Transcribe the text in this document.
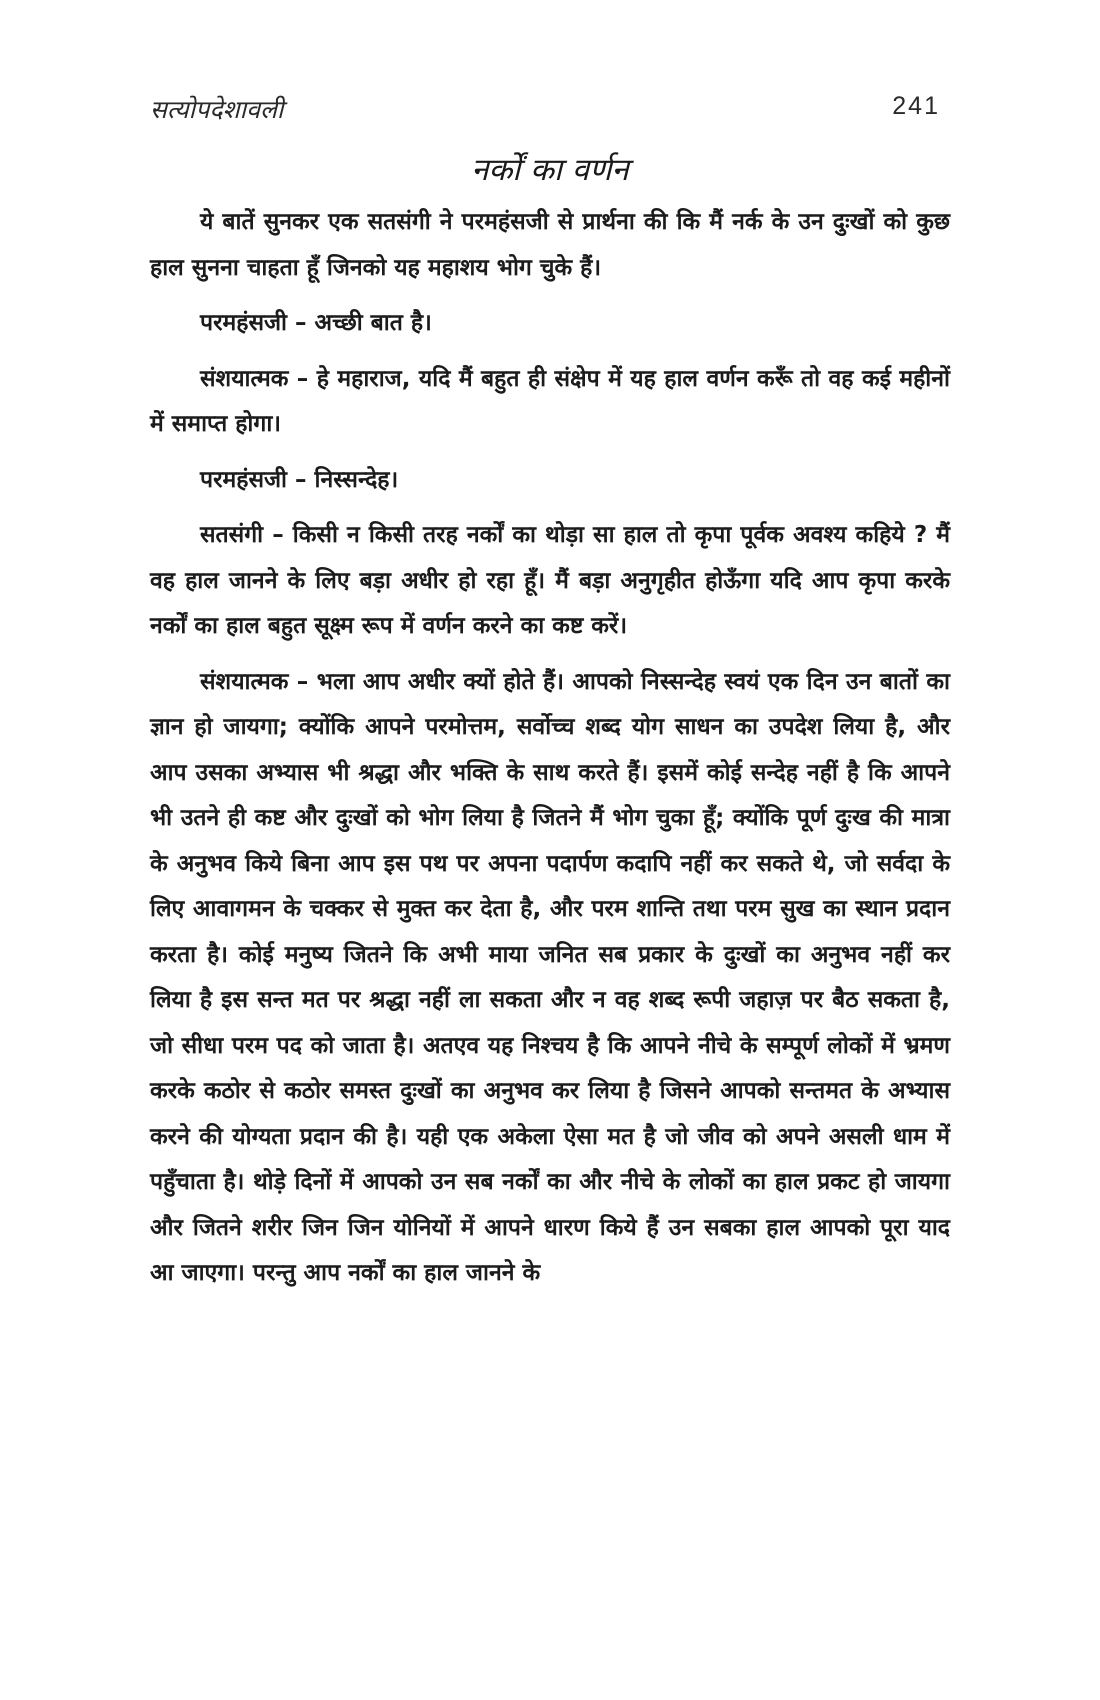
सत्योपदेशावली	241
नर्कों का वर्णन

ये बातें सुनकर एक सतसंगी ने परमहंसजी से प्रार्थना की कि मैं नर्क के उन दुःखों को कुछ हाल सुनना चाहता हूँ जिनको यह महाशय भोग चुके हैं।

परमहंसजी – अच्छी बात है।

संशयात्मक – हे महाराज, यदि मैं बहुत ही संक्षेप में यह हाल वर्णन करूँ तो वह कई महीनों में समाप्त होगा।

परमहंसजी – निस्सन्देह।

सतसंगी – किसी न किसी तरह नर्कों का थोड़ा सा हाल तो कृपा पूर्वक अवश्य कहिये ? मैं वह हाल जानने के लिए बड़ा अधीर हो रहा हूँ। मैं बड़ा अनुगृहीत होऊँगा यदि आप कृपा करके नर्कों का हाल बहुत सूक्ष्म रूप में वर्णन करने का कष्ट करें।

संशयात्मक – भला आप अधीर क्यों होते हैं। आपको निस्सन्देह स्वयं एक दिन उन बातों का ज्ञान हो जायगा; क्योंकि आपने परमोत्तम, सर्वोच्च शब्द योग साधन का उपदेश लिया है, और आप उसका अभ्यास भी श्रद्धा और भक्ति के साथ करते हैं। इसमें कोई सन्देह नहीं है कि आपने भी उतने ही कष्ट और दुःखों को भोग लिया है जितने मैं भोग चुका हूँ; क्योंकि पूर्ण दुःख की मात्रा के अनुभव किये बिना आप इस पथ पर अपना पदार्पण कदापि नहीं कर सकते थे, जो सर्वदा के लिए आवागमन के चक्कर से मुक्त कर देता है, और परम शान्ति तथा परम सुख का स्थान प्रदान करता है। कोई मनुष्य जितने कि अभी माया जनित सब प्रकार के दुःखों का अनुभव नहीं कर लिया है इस सन्त मत पर श्रद्धा नहीं ला सकता और न वह शब्द रूपी जहाज़ पर बैठ सकता है, जो सीधा परम पद को जाता है। अतएव यह निश्चय है कि आपने नीचे के सम्पूर्ण लोकों में भ्रमण करके कठोर से कठोर समस्त दुःखों का अनुभव कर लिया है जिसने आपको सन्तमत के अभ्यास करने की योग्यता प्रदान की है। यही एक अकेला ऐसा मत है जो जीव को अपने असली धाम में पहुँचाता है। थोड़े दिनों में आपको उन सब नर्कों का और नीचे के लोकों का हाल प्रकट हो जायगा और जितने शरीर जिन जिन योनियों में आपने धारण किये हैं उन सबका हाल आपको पूरा याद आ जाएगा। परन्तु आप नर्कों का हाल जानने के
